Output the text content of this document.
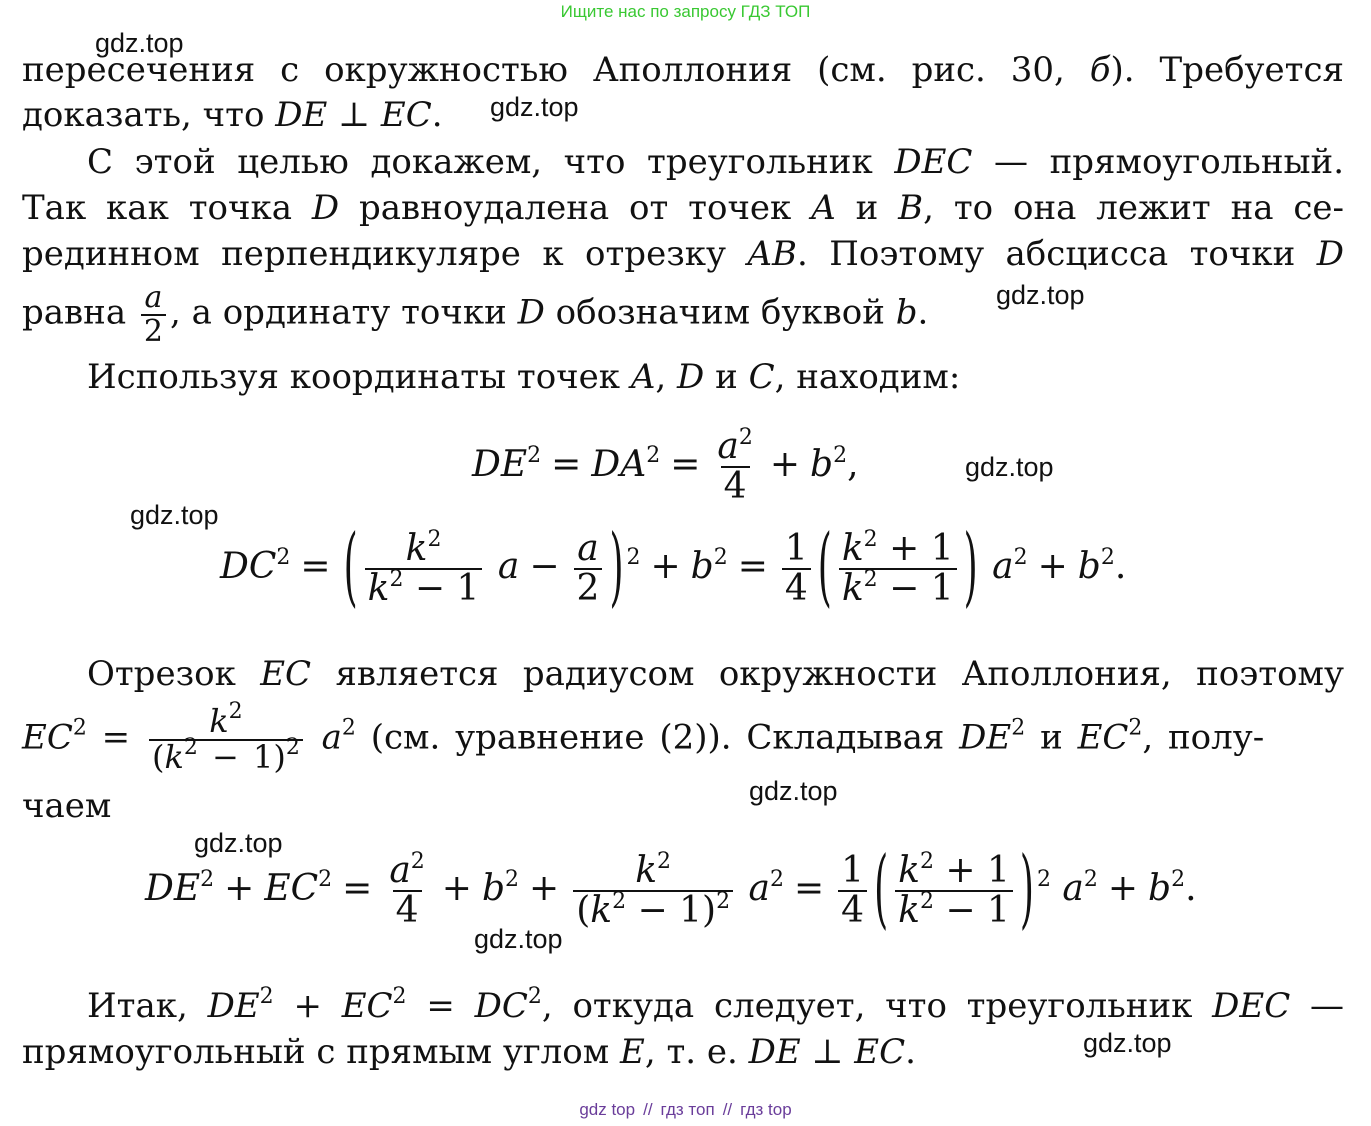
Ищите нас по запросу ГДЗ ТОП
gdz.top
gdz.top
gdz.top
gdz.top
gdz.top
gdz.top
gdz.top
gdz.top
gdz.top
пересечения с окружностью Аполлония (см. рис. 30, б). Требуется
доказать, что DE ⊥ EC.
С этой целью докажем, что треугольник DEC — прямоугольный.
Так как точка D равноудалена от точек A и B, то она лежит на се-
рединном перпендикуляре к отрезку AB. Поэтому абсцисса точки D
равна $\frac{a}{2}$ , а ординату точки D обозначим буквой b.
Используя координаты точек A, D и C, находим:
$DE^2 = DA^2 = \frac{a^2}{4} + b^2$,
$DC^2$ = ( $\frac{k^2}{k^2 - 1}$ $a - \frac{a}{2}$ ) $^2 + b^2 = \frac{1}{4}$ ( $\frac{k^2 + 1}{k^2 - 1}$ ) $a^2 + b^2$.
Отрезок EC является радиусом окружности Аполлония, поэтому
$EC^2 = \frac{k^2}{(k^2 - 1)^2} a^2$ (см. уравнение (2)). Складывая $DE^2$ и $EC^2$, полу-
чаем
$DE^2 + EC^2 = \frac{a^2}{4} + b^2 + \frac{k^2}{(k^2 - 1)^2} a^2 = \frac{1}{4}$ ( $\frac{k^2 + 1}{k^2 - 1}$ ) $^2$ $a^2 + b^2$.
Итак, $DE^2 + EC^2 = DC^2$, откуда следует, что треугольник DEC —
прямоугольный с прямым углом E, т. е. DE ⊥ EC.
gdz top // гдз топ // гдз top
